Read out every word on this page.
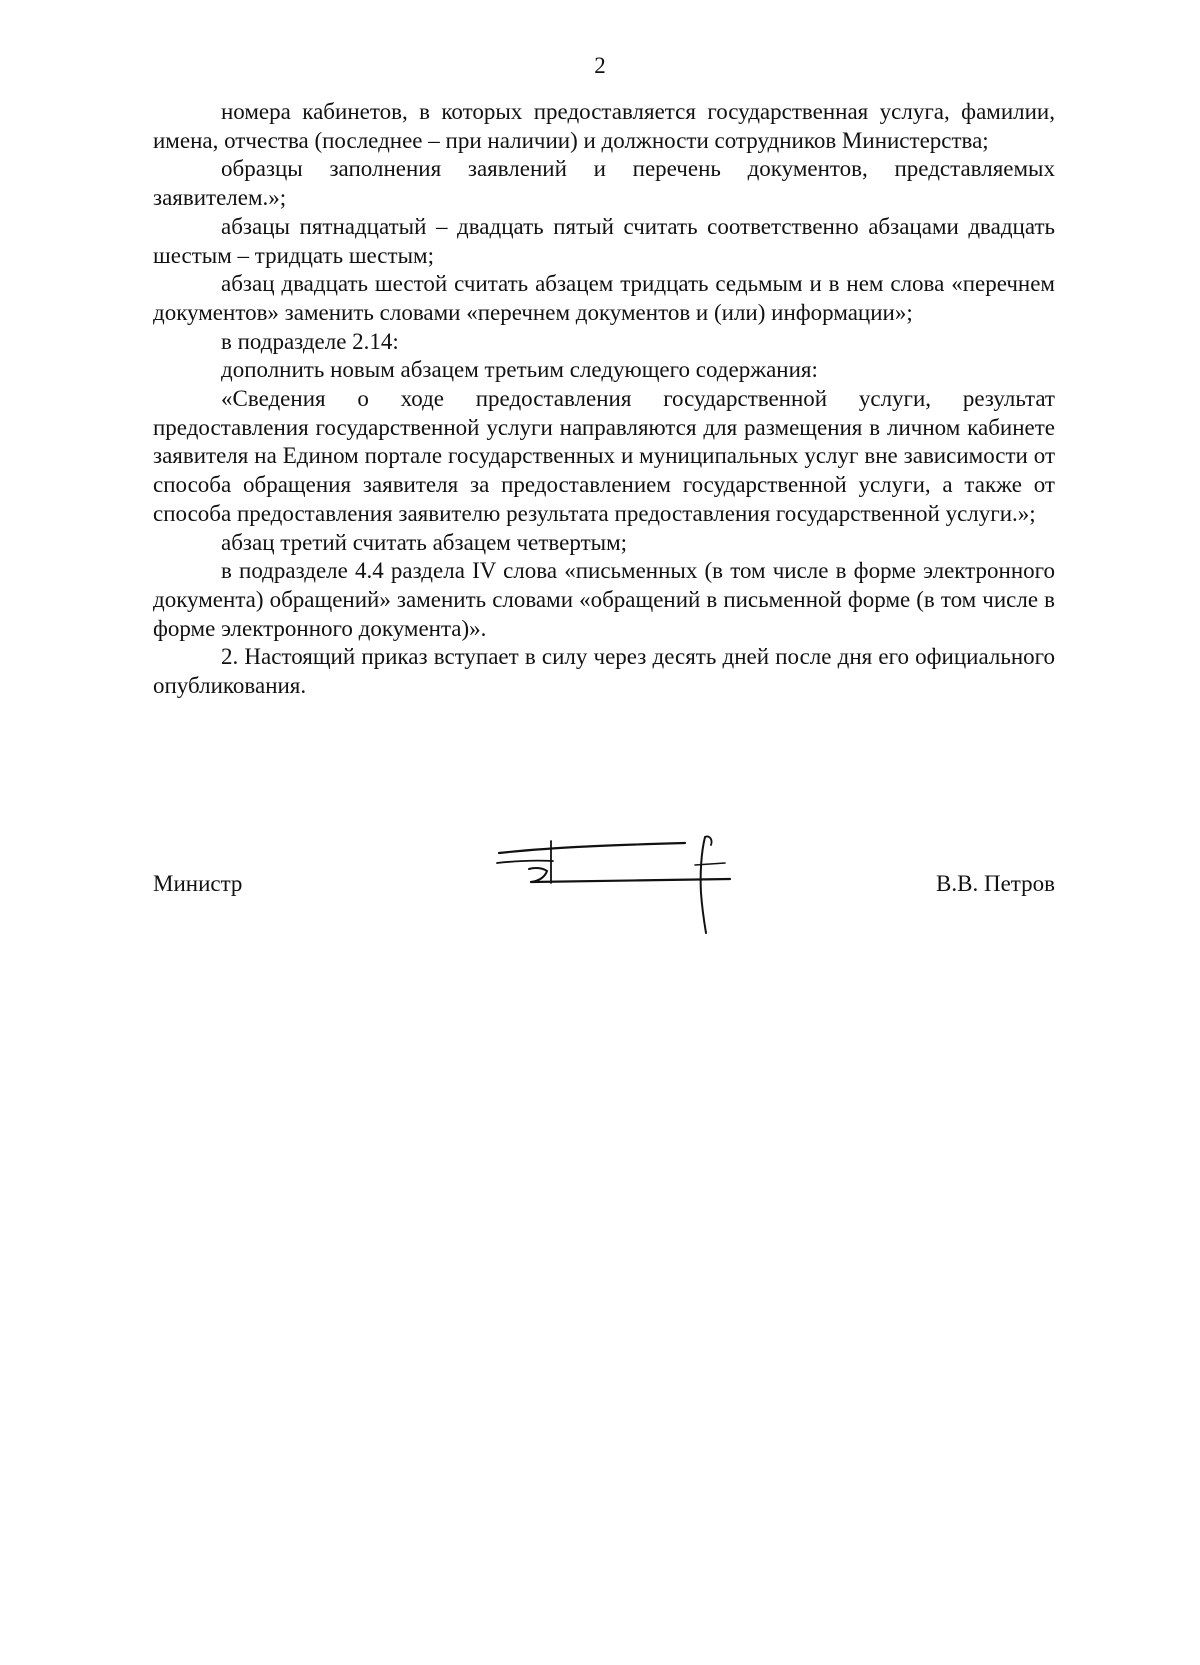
2

номера кабинетов, в которых предоставляется государственная услуга, фамилии, имена, отчества (последнее – при наличии) и должности сотрудников Министерства;

образцы заполнения заявлений и перечень документов, представляемых заявителем.»;

абзацы пятнадцатый – двадцать пятый считать соответственно абзацами двадцать шестым – тридцать шестым;

абзац двадцать шестой считать абзацем тридцать седьмым и в нем слова «перечнем документов» заменить словами «перечнем документов и (или) информации»;

в подразделе 2.14:

дополнить новым абзацем третьим следующего содержания:

«Сведения о ходе предоставления государственной услуги, результат предоставления государственной услуги направляются для размещения в личном кабинете заявителя на Едином портале государственных и муниципальных услуг вне зависимости от способа обращения заявителя за предоставлением государственной услуги, а также от способа предоставления заявителю результата предоставления государственной услуги.»;

абзац третий считать абзацем четвертым;

в подразделе 4.4 раздела IV слова «письменных (в том числе в форме электронного документа) обращений» заменить словами «обращений в письменной форме (в том числе в форме электронного документа)».

2. Настоящий приказ вступает в силу через десять дней после дня его официального опубликования.

Министр	В.В. Петров
